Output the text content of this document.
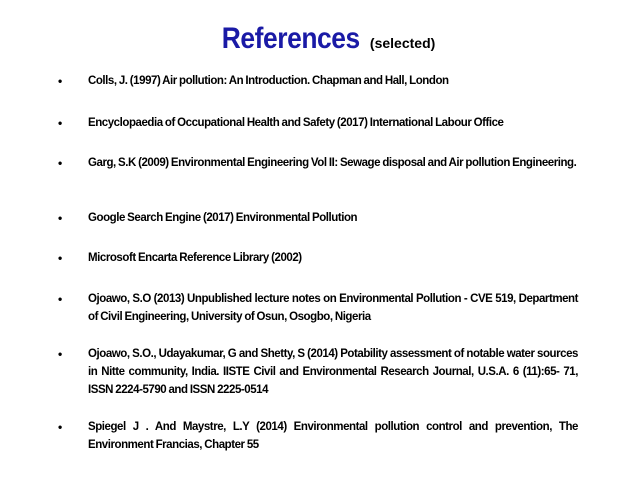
References (selected)
•	Colls, J. (1997) Air pollution: An Introduction. Chapman and Hall, London
•	Encyclopaedia of Occupational Health and Safety (2017) International Labour Office
•	Garg, S.K (2009) Environmental Engineering Vol II: Sewage disposal and Air pollution Engineering.
•	Google Search Engine (2017) Environmental Pollution
•	Microsoft Encarta Reference Library (2002)
•	Ojoawo, S.O (2013) Unpublished lecture notes on Environmental Pollution - CVE 519, Department of Civil Engineering, University of Osun, Osogbo, Nigeria
•	Ojoawo, S.O., Udayakumar, G and Shetty, S (2014) Potability assessment of notable water sources in Nitte community, India. IISTE Civil and Environmental Research Journal, U.S.A. 6 (11):65- 71, ISSN 2224-5790 and ISSN 2225-0514
•	Spiegel J . And Maystre, L.Y (2014) Environmental pollution control and prevention, The Environment Francias, Chapter 55
